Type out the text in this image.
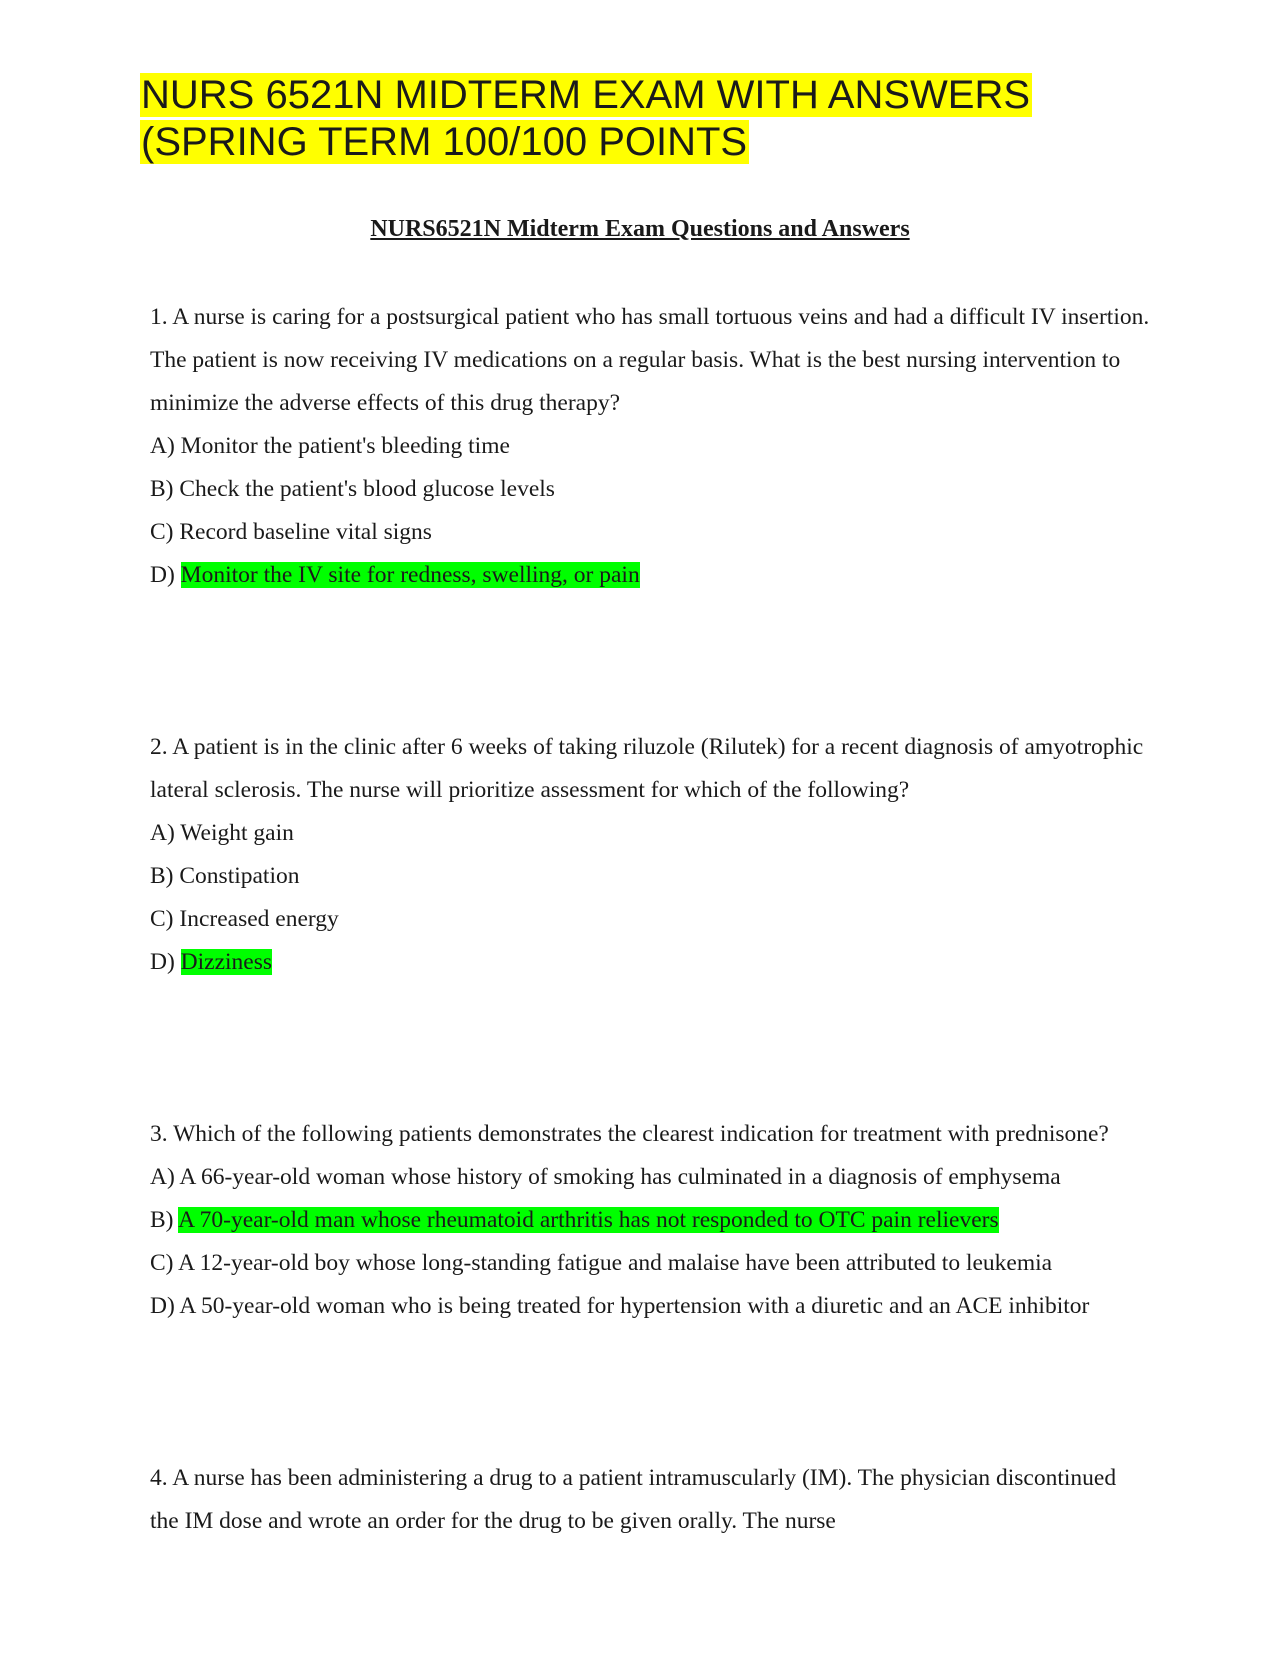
NURS 6521N MIDTERM EXAM WITH ANSWERS
(SPRING TERM 100/100 POINTS

NURS6521N Midterm Exam Questions and Answers

1. A nurse is caring for a postsurgical patient who has small tortuous veins and had a difficult IV insertion. The patient is now receiving IV medications on a regular basis. What is the best nursing intervention to minimize the adverse effects of this drug therapy?

A) Monitor the patient's bleeding time

B) Check the patient's blood glucose levels

C) Record baseline vital signs

D) Monitor the IV site for redness, swelling, or pain

2. A patient is in the clinic after 6 weeks of taking riluzole (Rilutek) for a recent diagnosis of amyotrophic lateral sclerosis. The nurse will prioritize assessment for which of the following?

A) Weight gain

B) Constipation

C) Increased energy

D) Dizziness

3. Which of the following patients demonstrates the clearest indication for treatment with prednisone?

A) A 66-year-old woman whose history of smoking has culminated in a diagnosis of emphysema

B) A 70-year-old man whose rheumatoid arthritis has not responded to OTC pain relievers

C) A 12-year-old boy whose long-standing fatigue and malaise have been attributed to leukemia

D) A 50-year-old woman who is being treated for hypertension with a diuretic and an ACE inhibitor

4. A nurse has been administering a drug to a patient intramuscularly (IM). The physician discontinued the IM dose and wrote an order for the drug to be given orally. The nurse
